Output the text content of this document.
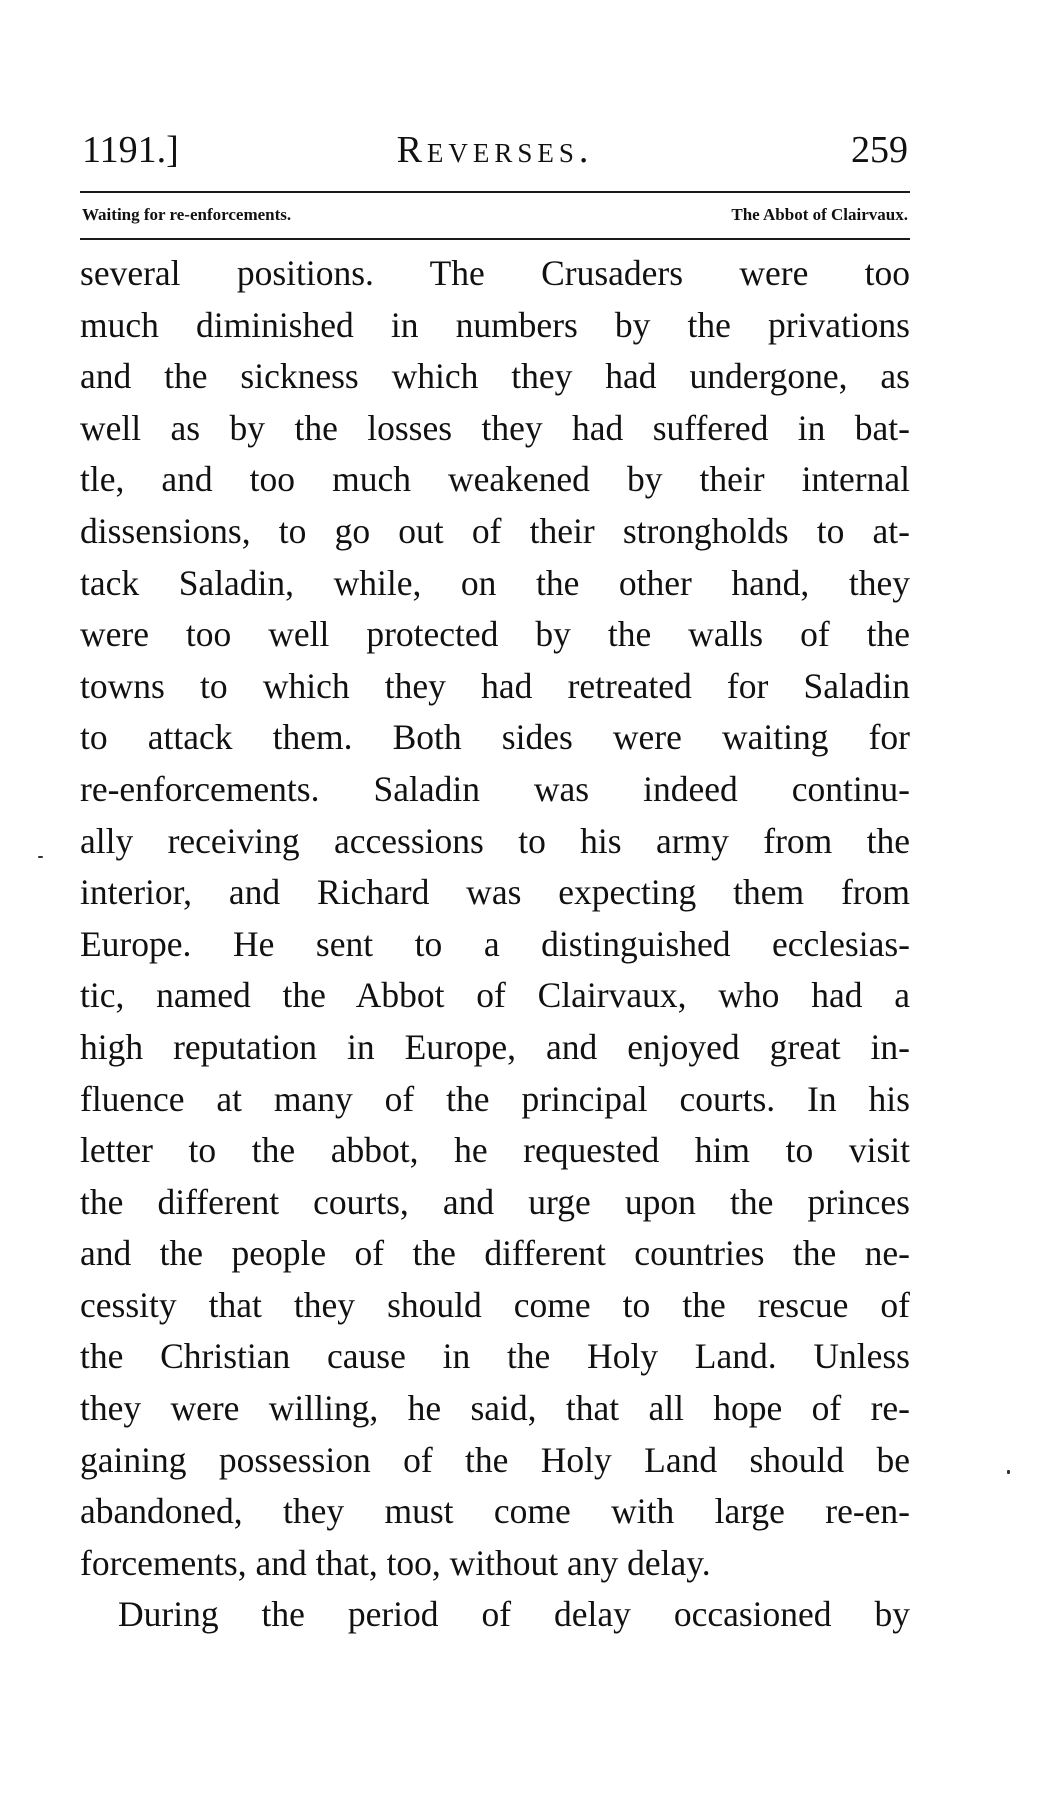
1191.]	Reverses.	259
Waiting for re-enforcements.	The Abbot of Clairvaux.
several positions. The Crusaders were too
much diminished in numbers by the privations
and the sickness which they had undergone, as
well as by the losses they had suffered in bat-
tle, and too much weakened by their internal
dissensions, to go out of their strongholds to at-
tack Saladin, while, on the other hand, they
were too well protected by the walls of the
towns to which they had retreated for Saladin
to attack them. Both sides were waiting for
re-enforcements. Saladin was indeed continu-
ally receiving accessions to his army from the
interior, and Richard was expecting them from
Europe. He sent to a distinguished ecclesias-
tic, named the Abbot of Clairvaux, who had a
high reputation in Europe, and enjoyed great in-
fluence at many of the principal courts. In his
letter to the abbot, he requested him to visit
the different courts, and urge upon the princes
and the people of the different countries the ne-
cessity that they should come to the rescue of
the Christian cause in the Holy Land. Unless
they were willing, he said, that all hope of re-
gaining possession of the Holy Land should be
abandoned, they must come with large re-en-
forcements, and that, too, without any delay.
During the period of delay occasioned by
